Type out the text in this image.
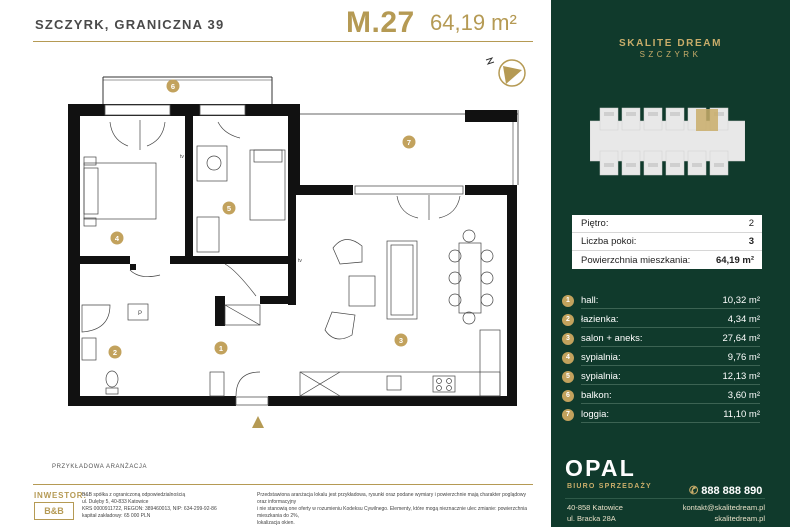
SZCZYRK, GRANICZNA 39	M.27 64,19 m²
1
2
3
4
5
6
7
tv
tv
P
PRZYKŁADOWA ARANŻACJA
INWESTOR:
B&B
B&B spółka z ograniczoną odpowiedzialnością
ul. Dulęby 5, 40-833 Katowice
KRS 0000911722, REGON: 389460013, NIP: 634-299-92-86
kapitał zakładowy: 65 000 PLN
Przedstawiona aranżacja lokalu jest przykładowa, rysunki oraz podane wymiary i powierzchnie mają charakter poglądowy oraz informacyjny
i nie stanowią one oferty w rozumieniu Kodeksu Cywilnego. Elementy, które mogą nieznacznie ulec zmianie: powierzchnia mieszkania do 2%,
lokalizacja okien.
SKALITE DREAM
SZCZYRK
Piętro:	2
Liczba pokoi:	3
Powierzchnia mieszkania:	64,19 m²
1	hall:	10,32 m²
2	łazienka:	4,34 m²
3	salon + aneks:	27,64 m²
4	sypialnia:	9,76 m²
5	sypialnia:	12,13 m²
6	balkon:	3,60 m²
7	loggia:	11,10 m²
OPAL
BIURO SPRZEDAŻY	✆ 888 888 890
40-858 Katowice
ul. Bracka 28A
kontakt@skalitedream.pl
skalitedream.pl
